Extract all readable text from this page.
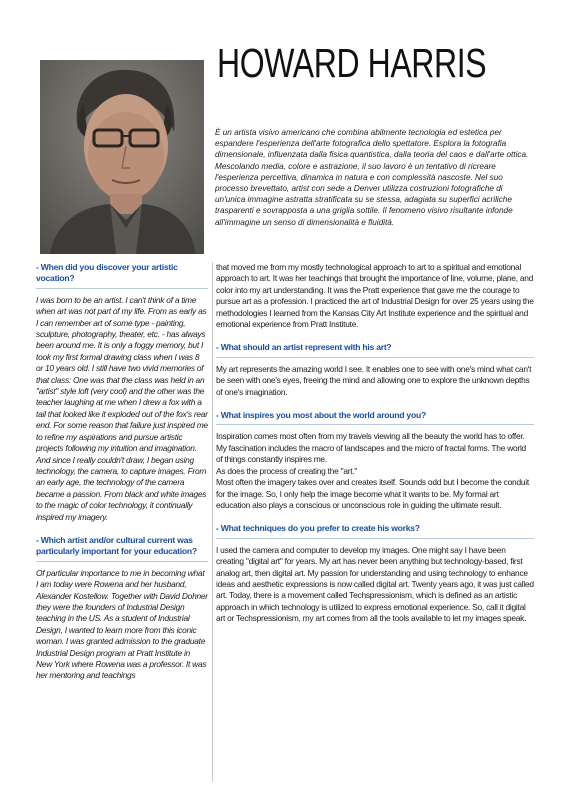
HOWARD HARRIS
È un artista visivo americano che combina abilmente tecnologia ed estetica per espandere l'esperienza dell'arte fotografica dello spettatore. Esplora la fotografia dimensionale, influenzata dalla fisica quantistica, dalla teoria del caos e dall'arte ottica. Mescolando media, colore e astrazione, il suo lavoro è un tentativo di ricreare l'esperienza percettiva, dinamica in natura e con complessità nascoste. Nel suo processo brevettato, artist con sede a Denver utilizza costruzioni fotografiche di un'unica immagine astratta stratificata su se stessa, adagiata su superfici acriliche trasparenti e sovrapposta a una griglia sottile. Il fenomeno visivo risultante infonde all'immagine un senso di dimensionalità e fluidità.

- When did you discover your artistic vocation?

I was born to be an artist. I can't think of a time when art was not part of my life. From as early as I can remember art of some type - painting, sculpture, photography, theater, etc. - has always been around me. It is only a foggy memory, but I took my first formal drawing class when I was 8 or 10 years old. I still have two vivid memories of that class: One was that the class was held in an "artist" style loft (very cool) and the other was the teacher laughing at me when I drew a fox with a tail that looked like it exploded out of the fox's rear end. For some reason that failure just inspired me to refine my aspirations and pursue artistic projects following my intuition and imagination. And since I really couldn't draw, I began using technology, the camera, to capture images. From an early age, the technology of the camera became a passion. From black and white images to the magic of color technology, it continually inspired my imagery.

- Which artist and/or cultural current was particularly important for your education?

Of particular importance to me in becoming what I am today were Rowena and her husband, Alexander Kostellow. Together with David Dohner they were the founders of Industrial Design teaching in the US. As a student of Industrial Design, I wanted to learn more from this iconic woman. I was granted admission to the graduate Industrial Design program at Pratt Institute in New York where Rowena was a professor. It was her mentoring and teachings

that moved me from my mostly technological approach to art to a spiritual and emotional approach to art. It was her teachings that brought the importance of line, volume, plane, and color into my art understanding. It was the Pratt experience that gave me the courage to pursue art as a profession. I practiced the art of Industrial Design for over 25 years using the methodologies I learned from the Kansas City Art Institute experience and the spiritual and emotional experience from Pratt Institute.

- What should an artist represent with his art?

My art represents the amazing world I see. It enables one to see with one's mind what can't be seen with one's eyes, freeing the mind and allowing one to explore the unknown depths of one's imagination.

- What inspires you most about the world around you?

Inspiration comes most often from my travels viewing all the beauty the world has to offer. My fascination includes the macro of landscapes and the micro of fractal forms. The world of things constantly inspires me.
As does the process of creating the "art."
Most often the imagery takes over and creates itself. Sounds odd but I become the conduit for the image. So, I only help the image become what it wants to be. My formal art education also plays a conscious or unconscious role in guiding the ultimate result.

- What techniques do you prefer to create his works?

I used the camera and computer to develop my images. One might say I have been creating "digital art" for years. My art has never been anything but technology-based, first analog art, then digital art. My passion for understanding and using technology to enhance ideas and aesthetic expressions is now called digital art. Twenty years ago, it was just called art. Today, there is a movement called Techspressionism, which is defined as an artistic approach in which technology is utilized to express emotional experience. So, call it digital art or Techspressionism, my art comes from all the tools available to let my images speak.
